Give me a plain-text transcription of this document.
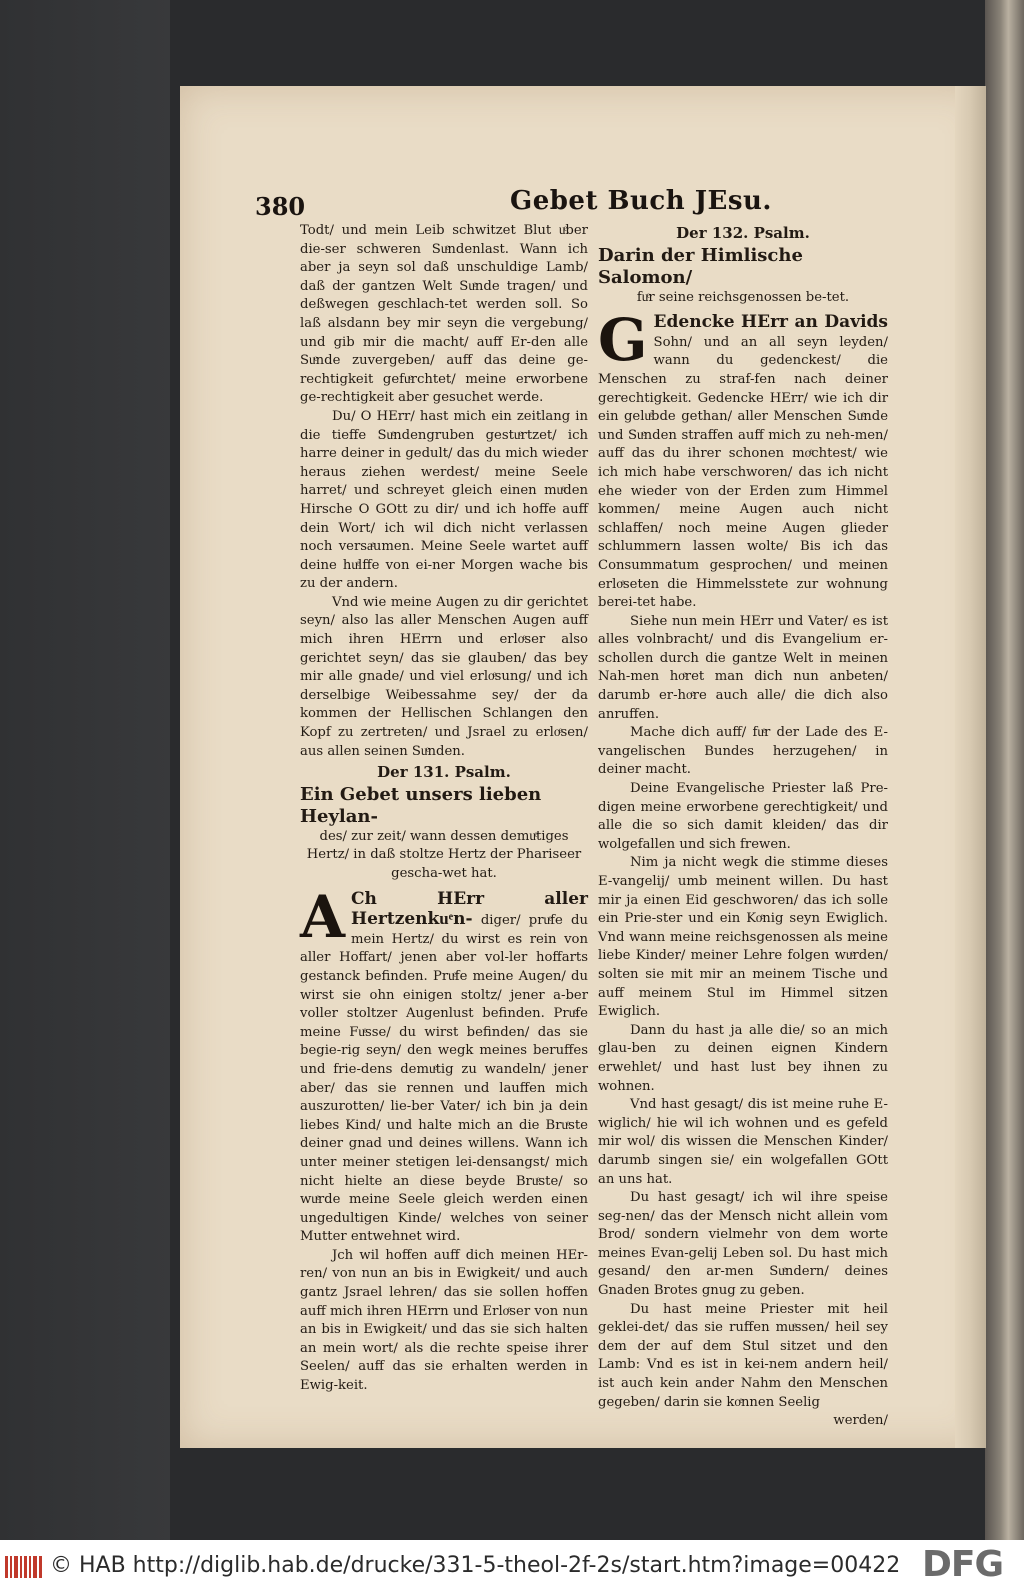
380	Gebet Buch JEsu.

Todt/ und mein Leib schwitzet Blut uͤber die-ser schweren Suͤndenlast. Wann ich aber ja seyn sol daß unschuldige Lamb/ daß der gantzen Welt Suͤnde tragen/ und deßwegen geschlach-tet werden soll. So laß alsdann bey mir seyn die vergebung/ und gib mir die macht/ auff Er-den alle Suͤnde zuvergeben/ auff das deine ge-rechtigkeit gefuͤrchtet/ meine erworbene ge-rechtigkeit aber gesuchet werde.

Du/ O HErr/ hast mich ein zeitlang in die tieffe Suͤndengruben gestuͤrtzet/ ich harre deiner in gedult/ das du mich wieder heraus ziehen werdest/ meine Seele harret/ und schreyet gleich einen muͤden Hirsche O GOtt zu dir/ und ich hoffe auff dein Wort/ ich wil dich nicht verlassen noch versaͤumen. Meine Seele wartet auff deine huͤlffe von ei-ner Morgen wache bis zu der andern.

Vnd wie meine Augen zu dir gerichtet seyn/ also las aller Menschen Augen auff mich ihren HErrn und erloͤser also gerichtet seyn/ das sie glauben/ das bey mir alle gnade/ und viel erloͤsung/ und ich derselbige Weibessahme sey/ der da kommen der Hellischen Schlangen den Kopf zu zertreten/ und Jsrael zu erloͤsen/ aus allen seinen Suͤnden.

Der 131. Psalm.
Ein Gebet unsers lieben Heylan-
des/ zur zeit/ wann dessen demuͤtiges Hertz/ in daß stoltze Hertz der Phariseer gescha-wet hat.

A Ch HErr aller Hertzenkuͤn- diger/ pruͤfe du mein Hertz/ du wirst es rein von aller Hoffart/ jenen aber vol-ler hoffarts gestanck befinden. Pruͤfe meine Augen/ du wirst sie ohn einigen stoltz/ jener a-ber voller stoltzer Augenlust befinden. Pruͤfe meine Fuͤsse/ du wirst befinden/ das sie begie-rig seyn/ den wegk meines beruffes und frie-dens demuͤtig zu wandeln/ jener aber/ das sie rennen und lauffen mich auszurotten/ lie-ber Vater/ ich bin ja dein liebes Kind/ und halte mich an die Bruͤste deiner gnad und deines willens. Wann ich unter meiner stetigen lei-densangst/ mich nicht hielte an diese beyde Bruͤste/ so wuͤrde meine Seele gleich werden einen ungedultigen Kinde/ welches von seiner Mutter entwehnet wird.

Jch wil hoffen auff dich meinen HEr-ren/ von nun an bis in Ewigkeit/ und auch gantz Jsrael lehren/ das sie sollen hoffen auff mich ihren HErrn und Erloͤser von nun an bis in Ewigkeit/ und das sie sich halten an mein wort/ als die rechte speise ihrer Seelen/ auff das sie erhalten werden in Ewig-keit.

Der 132. Psalm.
Darin der Himlische Salomon/
fuͤr seine reichsgenossen be-tet.

G Edencke HErr an Davids Sohn/ und an all seyn leyden/ wann du gedenckest/ die Menschen zu straf-fen nach deiner gerechtigkeit. Gedencke HErr/ wie ich dir ein geluͤbde gethan/ aller Menschen Suͤnde und Suͤnden straffen auff mich zu neh-men/ auff das du ihrer schonen moͤchtest/ wie ich mich habe verschworen/ das ich nicht ehe wieder von der Erden zum Himmel kommen/ meine Augen auch nicht schlaffen/ noch meine Augen glieder schlummern lassen wolte/ Bis ich das Consummatum gesprochen/ und meinen erloͤseten die Himmelsstete zur wohnung berei-tet habe.

Siehe nun mein HErr und Vater/ es ist alles volnbracht/ und dis Evangelium er-schollen durch die gantze Welt in meinen Nah-men hoͤret man dich nun anbeten/ darumb er-hoͤre auch alle/ die dich also anruffen.

Mache dich auff/ fuͤr der Lade des E-vangelischen Bundes herzugehen/ in deiner macht.

Deine Evangelische Priester laß Pre-digen meine erworbene gerechtigkeit/ und alle die so sich damit kleiden/ das dir wolgefallen und sich frewen.

Nim ja nicht wegk die stimme dieses E-vangelij/ umb meinent willen. Du hast mir ja einen Eid geschworen/ das ich solle ein Prie-ster und ein Koͤnig seyn Ewiglich. Vnd wann meine reichsgenossen als meine liebe Kinder/ meiner Lehre folgen wuͤrden/ solten sie mit mir an meinem Tische und auff meinem Stul im Himmel sitzen Ewiglich.

Dann du hast ja alle die/ so an mich glau-ben zu deinen eignen Kindern erwehlet/ und hast lust bey ihnen zu wohnen.

Vnd hast gesagt/ dis ist meine ruhe E-wiglich/ hie wil ich wohnen und es gefeld mir wol/ dis wissen die Menschen Kinder/ darumb singen sie/ ein wolgefallen GOtt an uns hat.

Du hast gesagt/ ich wil ihre speise seg-nen/ das der Mensch nicht allein vom Brod/ sondern vielmehr von dem worte meines Evan-gelij Leben sol. Du hast mich gesand/ den ar-men Suͤndern/ deines Gnaden Brotes gnug zu geben.

Du hast meine Priester mit heil geklei-det/ das sie ruffen muͤssen/ heil sey dem der auf dem Stul sitzet und den Lamb: Vnd es ist in kei-nem andern heil/ ist auch kein ander Nahm den Menschen gegeben/ darin sie koͤnnen Seelig

werden/
© HAB http://diglib.hab.de/drucke/331-5-theol-2f-2s/start.htm?image=00422 DFG
